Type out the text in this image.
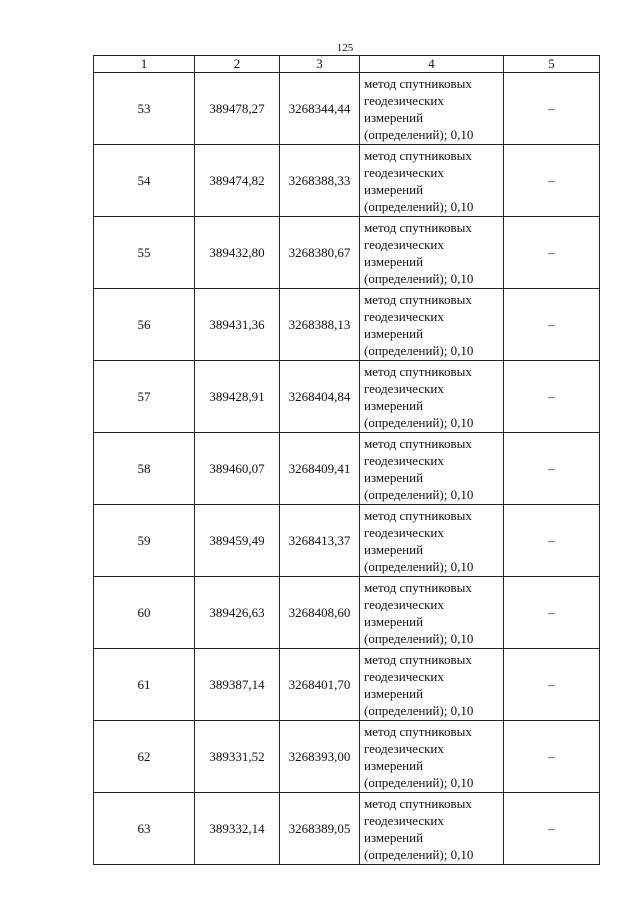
125
1	2	3	4	5
53	389478,27	3268344,44	метод спутниковых
геодезических
измерений
(определений); 0,10	–
54	389474,82	3268388,33	метод спутниковых
геодезических
измерений
(определений); 0,10	–
55	389432,80	3268380,67	метод спутниковых
геодезических
измерений
(определений); 0,10	–
56	389431,36	3268388,13	метод спутниковых
геодезических
измерений
(определений); 0,10	–
57	389428,91	3268404,84	метод спутниковых
геодезических
измерений
(определений); 0,10	–
58	389460,07	3268409,41	метод спутниковых
геодезических
измерений
(определений); 0,10	–
59	389459,49	3268413,37	метод спутниковых
геодезических
измерений
(определений); 0,10	–
60	389426,63	3268408,60	метод спутниковых
геодезических
измерений
(определений); 0,10	–
61	389387,14	3268401,70	метод спутниковых
геодезических
измерений
(определений); 0,10	–
62	389331,52	3268393,00	метод спутниковых
геодезических
измерений
(определений); 0,10	–
63	389332,14	3268389,05	метод спутниковых
геодезических
измерений
(определений); 0,10	–
